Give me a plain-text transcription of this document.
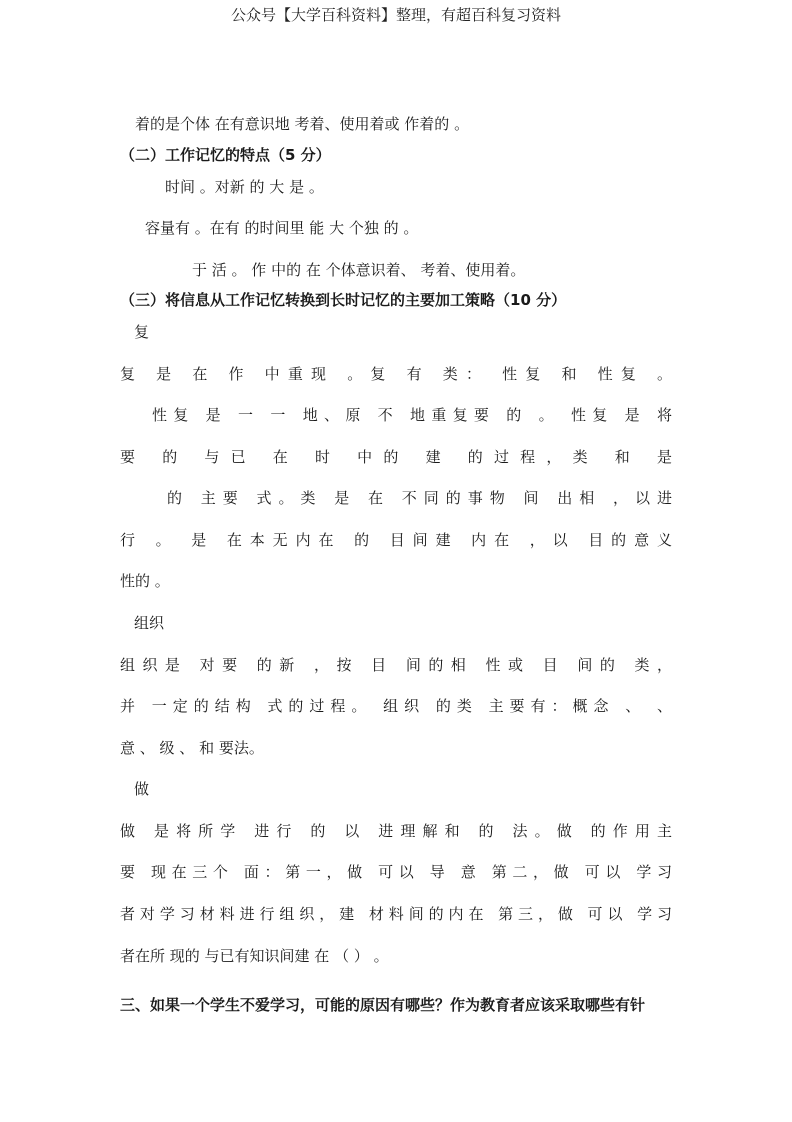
公众号【大学百科资料】整理，有超百科复习资料
着的是个体 在有意识地 考着、使用着或 作着的 。
（二）工作记忆的特点（5 分）
时间 。对新 的 大 是 。
容量有 。在有 的时间里 能 大 个独 的 。
于 活 。 作 中的 在 个体意识着、 考着、使用着。
（三）将信息从工作记忆转换到长时记忆的主要加工策略（10 分）
复
复 是 在 作 中重现 。复 有 类： 性复 和 性复 。
性复 是 一 一 地、原 不 地重复要 的 。 性复 是 将
要 的 与已 在 时 中的 建 的过程，类 和 是
的 主要 式。类 是 在 不同的事物 间 出相 ，以进
行 。 是 在本无内在 的 目间建 内在 ，以 目的意义
性的 。
组织
组织是 对要 的新 ，按 目 间的相 性或 目 间的 类，
并 一定的结构 式的过程。 组织 的类 主要有：概念 、 、
意 、 级 、 和 要法。
做
做 是将所学 进行 的 以 进理解和 的 法。做 的作用主
要 现在三个 面：第一，做 可以 导 意 第二，做 可以 学习
者对学习材料进行组织，建 材料间的内在 第三，做 可以 学习
者在所 现的 与已有知识间建 在 （ ） 。
三、如果一个学生不爱学习，可能的原因有哪些？作为教育者应该采取哪些有针
